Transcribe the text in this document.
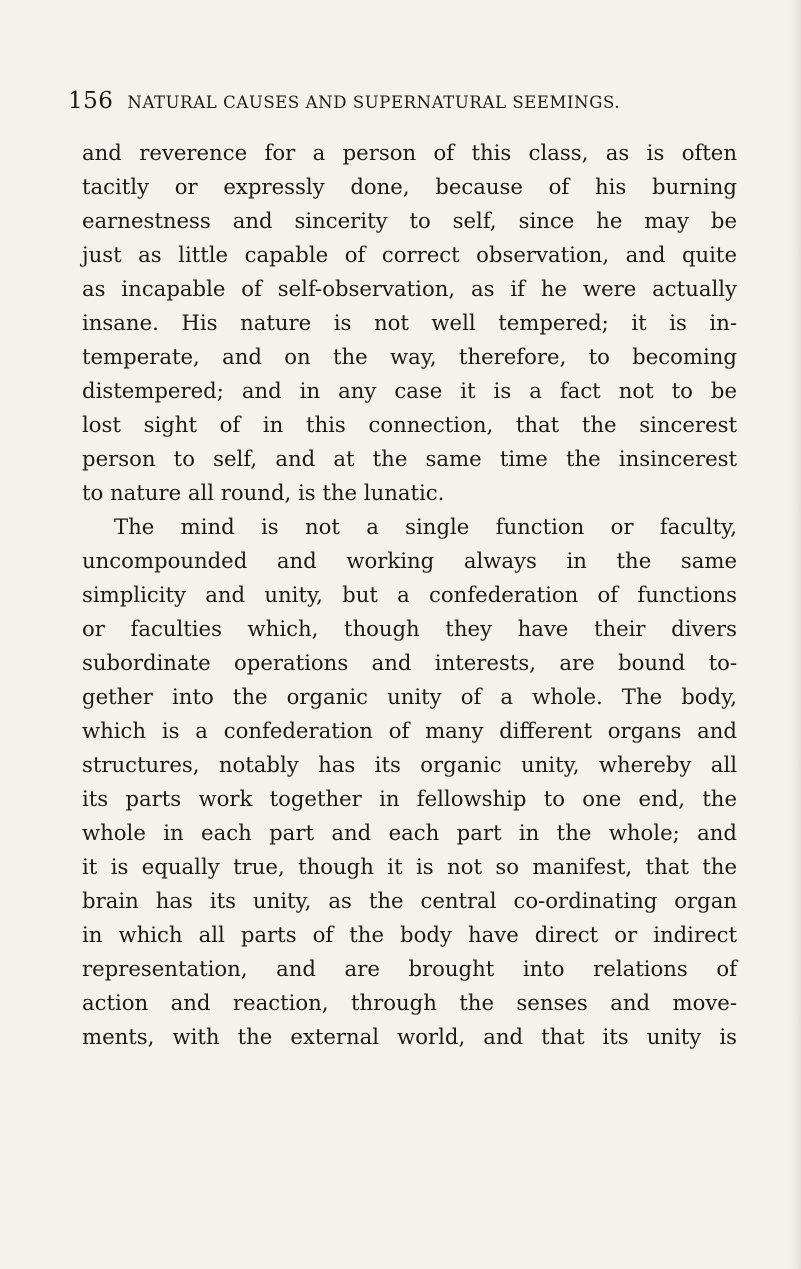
156 NATURAL CAUSES AND SUPERNATURAL SEEMINGS.
and reverence for a person of this class, as is often
tacitly or expressly done, because of his burning
earnestness and sincerity to self, since he may be
just as little capable of correct observation, and quite
as incapable of self-observation, as if he were actually
insane. His nature is not well tempered; it is in-
temperate, and on the way, therefore, to becoming
distempered; and in any case it is a fact not to be
lost sight of in this connection, that the sincerest
person to self, and at the same time the insincerest
to nature all round, is the lunatic.
The mind is not a single function or faculty,
uncompounded and working always in the same
simplicity and unity, but a confederation of functions
or faculties which, though they have their divers
subordinate operations and interests, are bound to-
gether into the organic unity of a whole. The body,
which is a confederation of many different organs and
structures, notably has its organic unity, whereby all
its parts work together in fellowship to one end, the
whole in each part and each part in the whole; and
it is equally true, though it is not so manifest, that the
brain has its unity, as the central co-ordinating organ
in which all parts of the body have direct or indirect
representation, and are brought into relations of
action and reaction, through the senses and move-
ments, with the external world, and that its unity is
